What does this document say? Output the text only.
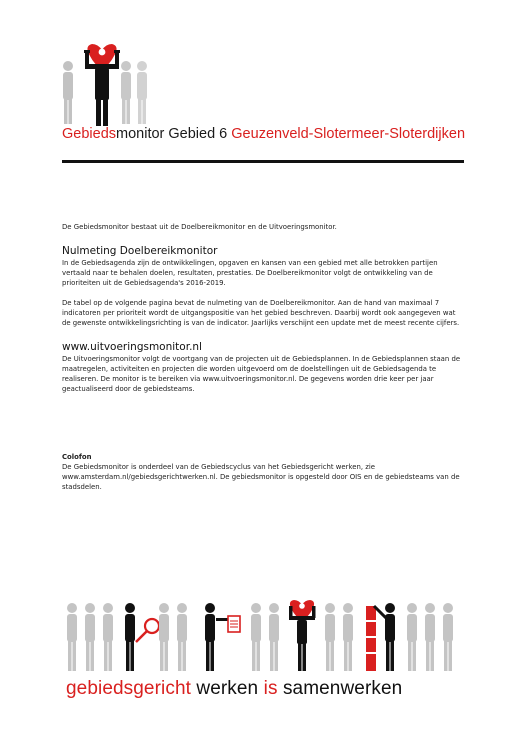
Gebiedsmonitor Gebied 6 Geuzenveld-Slotermeer-Sloterdijken

De Gebiedsmonitor bestaat uit de Doelbereikmonitor en de Uitvoeringsmonitor.

Nulmeting Doelbereikmonitor

In de Gebiedsagenda zijn de ontwikkelingen, opgaven en kansen van een gebied met alle betrokken partijen vertaald naar te behalen doelen, resultaten, prestaties. De Doelbereikmonitor volgt de ontwikkeling van de prioriteiten uit de Gebiedsagenda's 2016-2019.

De tabel op de volgende pagina bevat de nulmeting van de Doelbereikmonitor. Aan de hand van maximaal 7 indicatoren per prioriteit wordt de uitgangspositie van het gebied beschreven. Daarbij wordt ook aangegeven wat de gewenste ontwikkelingsrichting is van de indicator. Jaarlijks verschijnt een update met de meest recente cijfers.

www.uitvoeringsmonitor.nl

De Uitvoeringsmonitor volgt de voortgang van de projecten uit de Gebiedsplannen. In de Gebiedsplannen staan de maatregelen, activiteiten en projecten die worden uitgevoerd om de doelstellingen uit de Gebiedsagenda te realiseren. De monitor is te bereiken via www.uitvoeringsmonitor.nl. De gegevens worden drie keer per jaar geactualiseerd door de gebiedsteams.

Colofon

De Gebiedsmonitor is onderdeel van de Gebiedscyclus van het Gebiedsgericht werken, zie www.amsterdam.nl/gebiedsgerichtwerken.nl. De gebiedsmonitor is opgesteld door OIS en de gebiedsteams van de stadsdelen.

gebiedsgericht werken is samenwerken
